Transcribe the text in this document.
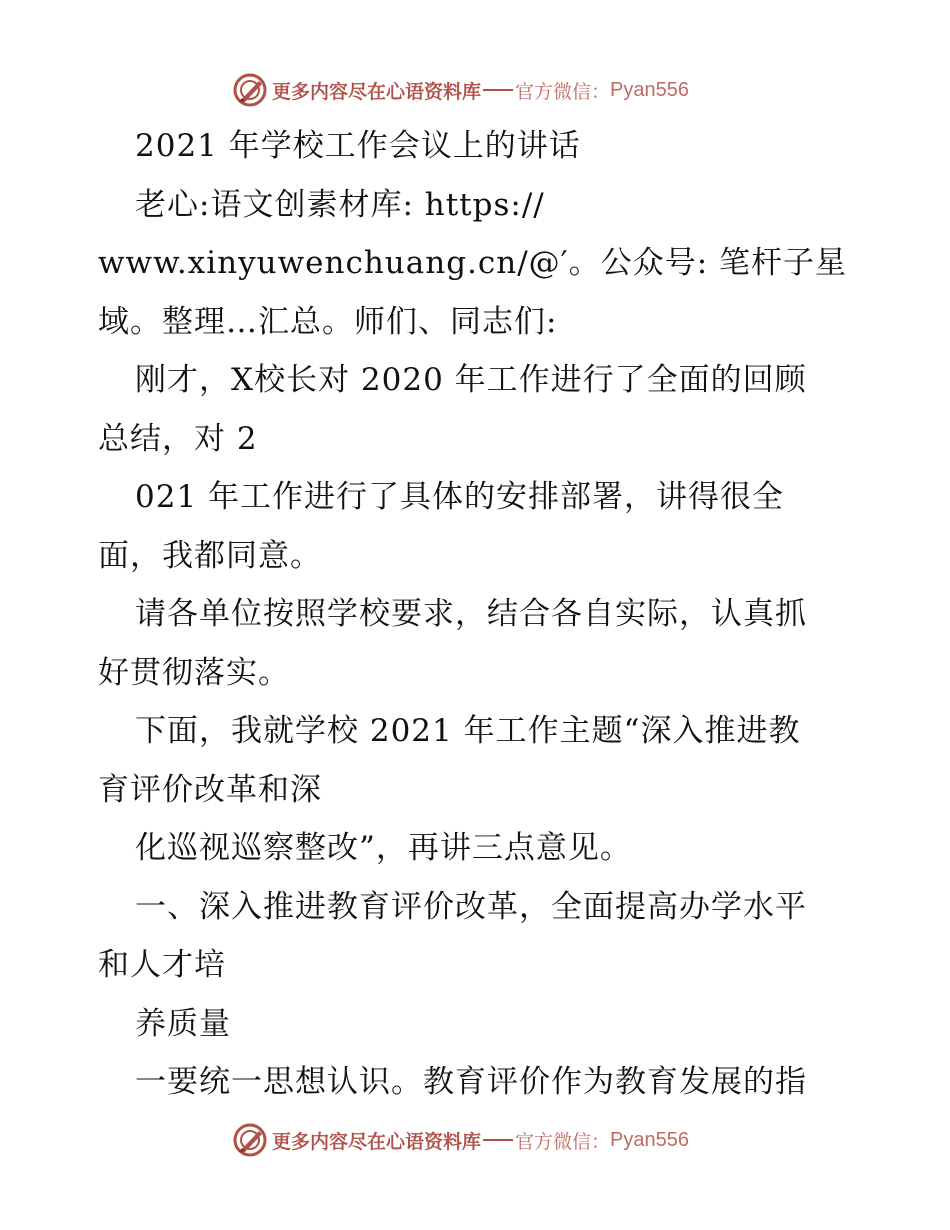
更多内容尽在心语资料库 官方微信： Pyan556
2021 年学校工作会议上的讲话
老心:语文创素材库: https://
www.xinyuwenchuang.cn/@′。公众号: 笔杆子星
域。整理…汇总。师们、同志们:
刚才，X校长对 2020 年工作进行了全面的回顾
总结，对 2
021 年工作进行了具体的安排部署，讲得很全
面，我都同意。
请各单位按照学校要求，结合各自实际，认真抓
好贯彻落实。
下面，我就学校 2021 年工作主题“深入推进教
育评价改革和深
化巡视巡察整改”，再讲三点意见。
一、深入推进教育评价改革，全面提高办学水平
和人才培
养质量
一要统一思想认识。教育评价作为教育发展的指
更多内容尽在心语资料库 官方微信： Pyan556
